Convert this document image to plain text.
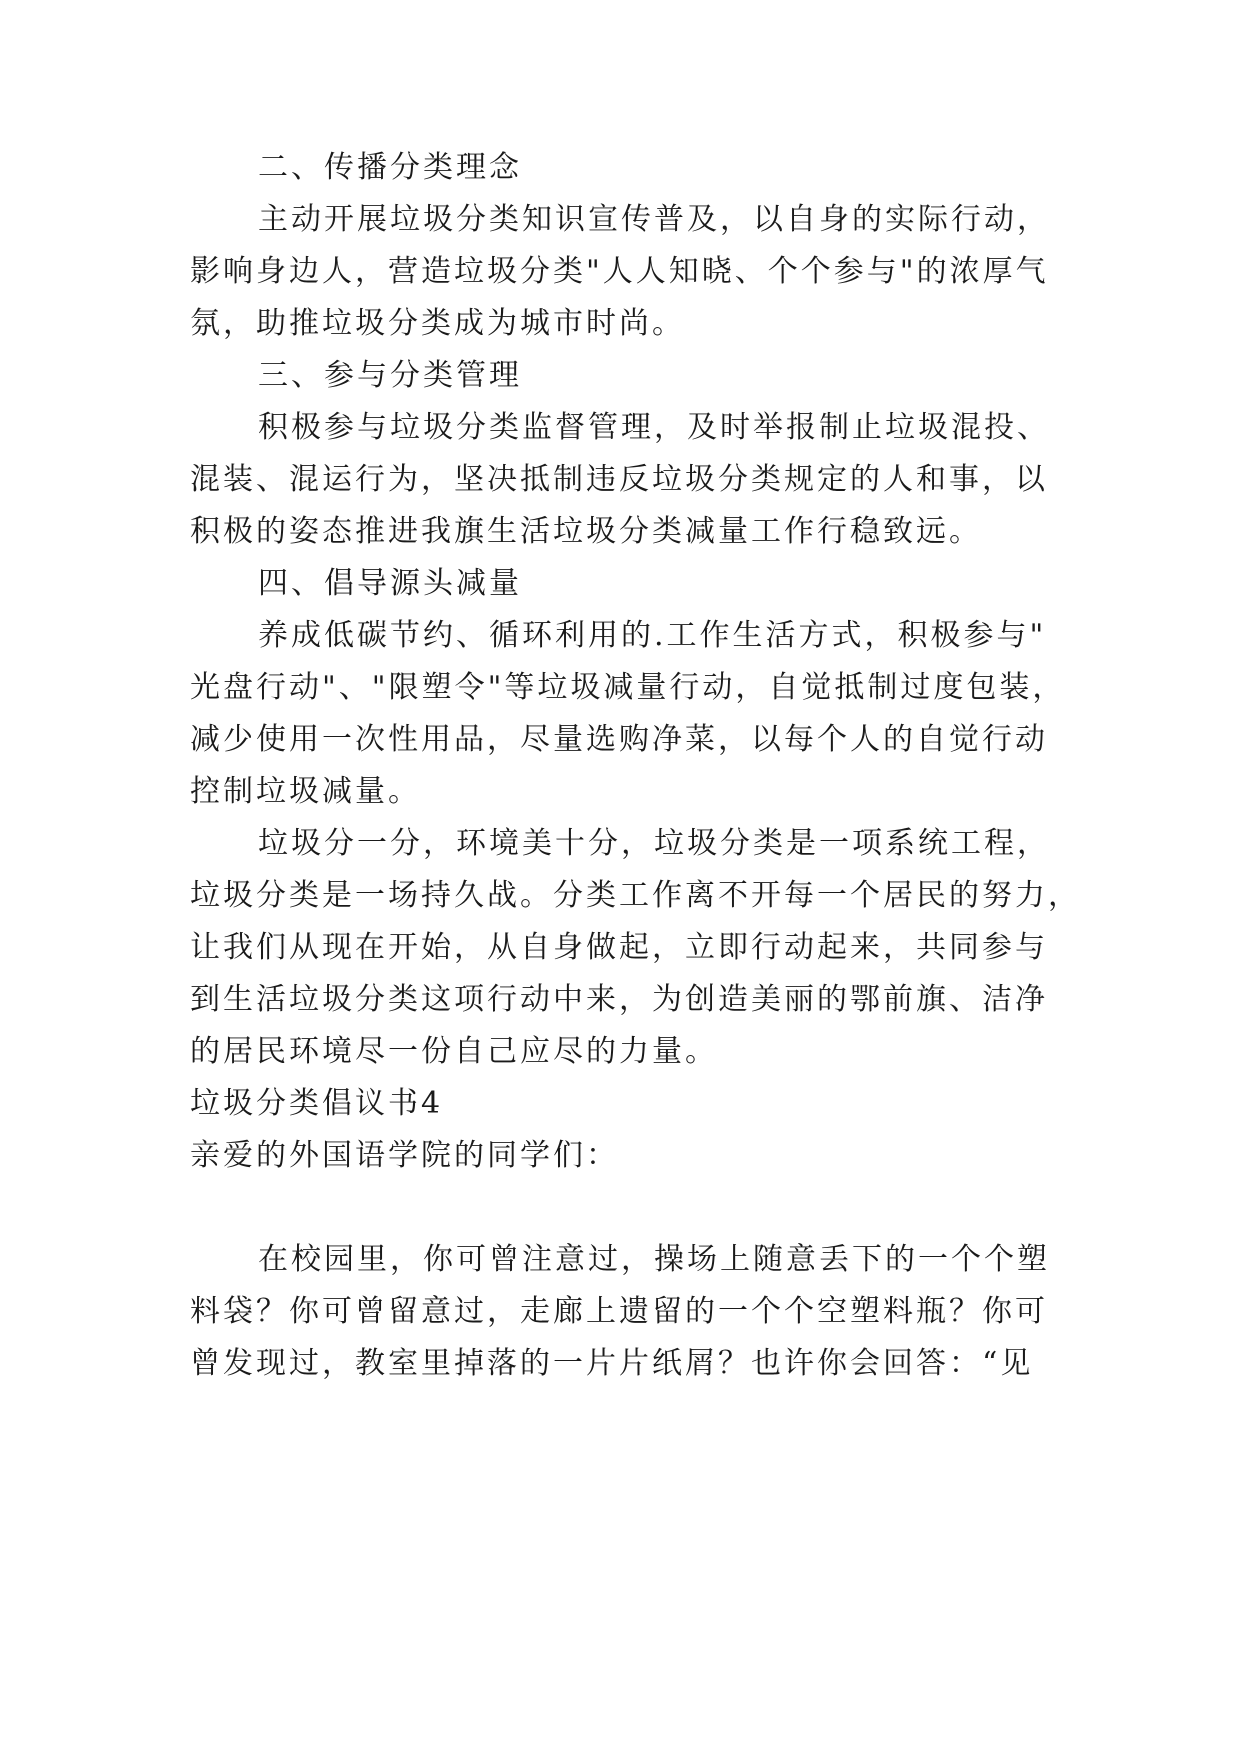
二、传播分类理念
主动开展垃圾分类知识宣传普及，以自身的实际行动，
影响身边人，营造垃圾分类"人人知晓、个个参与"的浓厚气
氛，助推垃圾分类成为城市时尚。
三、参与分类管理
积极参与垃圾分类监督管理，及时举报制止垃圾混投、
混装、混运行为，坚决抵制违反垃圾分类规定的人和事，以
积极的姿态推进我旗生活垃圾分类减量工作行稳致远。
四、倡导源头减量
养成低碳节约、循环利用的.工作生活方式，积极参与"
光盘行动"、"限塑令"等垃圾减量行动，自觉抵制过度包装，
减少使用一次性用品，尽量选购净菜，以每个人的自觉行动
控制垃圾减量。
垃圾分一分，环境美十分，垃圾分类是一项系统工程，
垃圾分类是一场持久战。分类工作离不开每一个居民的努力，
让我们从现在开始，从自身做起，立即行动起来，共同参与
到生活垃圾分类这项行动中来，为创造美丽的鄂前旗、洁净
的居民环境尽一份自己应尽的力量。
垃圾分类倡议书4
亲爱的外国语学院的同学们：
在校园里，你可曾注意过，操场上随意丢下的一个个塑
料袋？你可曾留意过，走廊上遗留的一个个空塑料瓶？你可
曾发现过，教室里掉落的一片片纸屑？也许你会回答：“见
